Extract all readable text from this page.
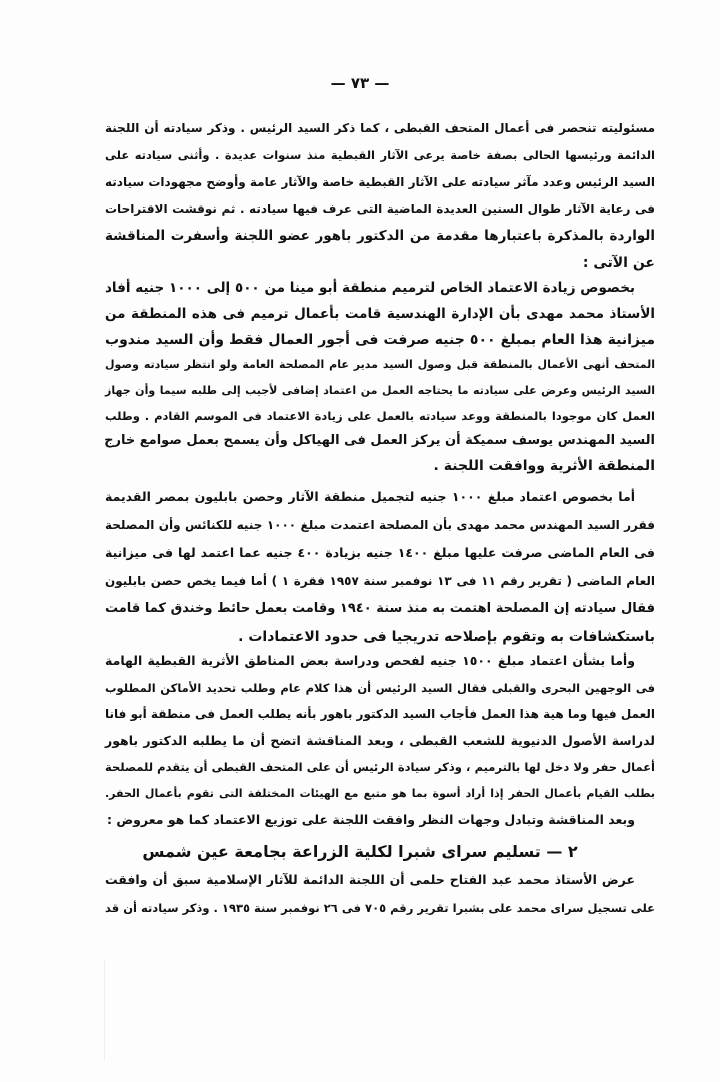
— ٧٣ —
مسئوليته تنحصر فى أعمال المتحف القبطى ، كما ذكر السيد الرئيس . وذكر سيادته أن اللجنة
الدائمة ورئيسها الحالى بصفة خاصة يرعى الآثار القبطية منذ سنوات عديدة . وأثنى سيادته على
السيد الرئيس وعدد مآثر سيادته على الآثار القبطية خاصة والآثار عامة وأوضح مجهودات سيادته
فى رعاية الآثار طوال السنين العديدة الماضية التى عرف فيها سيادته . ثم نوقشت الاقتراحات
الواردة بالمذكرة باعتبارها مقدمة من الدكتور باهور عضو اللجنة وأسفرت المناقشة
عن الآتى :
بخصوص زيادة الاعتماد الخاص لترميم منطقة أبو مينا من ٥٠٠ إلى ١٠٠٠ جنيه أفاد
الأستاذ محمد مهدى بأن الإدارة الهندسية قامت بأعمال ترميم فى هذه المنطقة من
ميزانية هذا العام بمبلغ ٥٠٠ جنيه صرفت فى أجور العمال فقط وأن السيد مندوب
المتحف أنهى الأعمال بالمنطقة قبل وصول السيد مدير عام المصلحة العامة ولو انتظر سيادته وصول
السيد الرئيس وعرض على سيادته ما يحتاجه العمل من اعتماد إضافى لأجيب إلى طلبه سيما وأن جهاز
العمل كان موجودا بالمنطقة ووعد سيادته بالعمل على زيادة الاعتماد فى الموسم القادم . وطلب
السيد المهندس يوسف سميكة أن يركز العمل فى الهياكل وأن يسمح بعمل صوامع خارج
المنطقة الأثرية ووافقت اللجنة .
أما بخصوص اعتماد مبلغ ١٠٠٠ جنيه لتجميل منطقة الآثار وحصن بابليون بمصر القديمة
فقرر السيد المهندس محمد مهدى بأن المصلحة اعتمدت مبلغ ١٠٠٠ جنيه للكنائس وأن المصلحة
فى العام الماضى صرفت عليها مبلغ ١٤٠٠ جنيه بزيادة ٤٠٠ جنيه عما اعتمد لها فى ميزانية
العام الماضى ( تقرير رقم ١١ فى ١٣ نوفمبر سنة ١٩٥٧ فقرة ١ ) أما فيما يخص حصن بابليون
فقال سيادته إن المصلحة اهتمت به منذ سنة ١٩٤٠ وقامت بعمل حائط وخندق كما قامت
باستكشافات به وتقوم بإصلاحه تدريجيا فى حدود الاعتمادات .
وأما بشأن اعتماد مبلغ ١٥٠٠ جنيه لفحص ودراسة بعض المناطق الأثرية القبطية الهامة
فى الوجهين البحرى والقبلى فقال السيد الرئيس أن هذا كلام عام وطلب تحديد الأماكن المطلوب
العمل فيها وما هية هذا العمل فأجاب السيد الدكتور باهور بأنه يطلب العمل فى منطقة أبو فانا
لدراسة الأصول الدنيوية للشعب القبطى ، وبعد المناقشة اتضح أن ما يطلبه الدكتور باهور
أعمال حفر ولا دخل لها بالترميم ، وذكر سيادة الرئيس أن على المتحف القبطى أن يتقدم للمصلحة
بطلب القيام بأعمال الحفر إذا أراد أسوة بما هو متبع مع الهيئات المختلفة التى تقوم بأعمال الحفر.
وبعد المناقشة وتبادل وجهات النظر وافقت اللجنة على توزيع الاعتماد كما هو معروض :
٢ — تسليم سراى شبرا لكلية الزراعة بجامعة عين شمس
عرض الأستاذ محمد عبد الفتاح حلمى أن اللجنة الدائمة للآثار الإسلامية سبق أن وافقت
على تسجيل سراى محمد على بشبرا تقرير رقم ٧٠٥ فى ٢٦ نوفمبر سنة ١٩٣٥ . وذكر سيادته أن قد
